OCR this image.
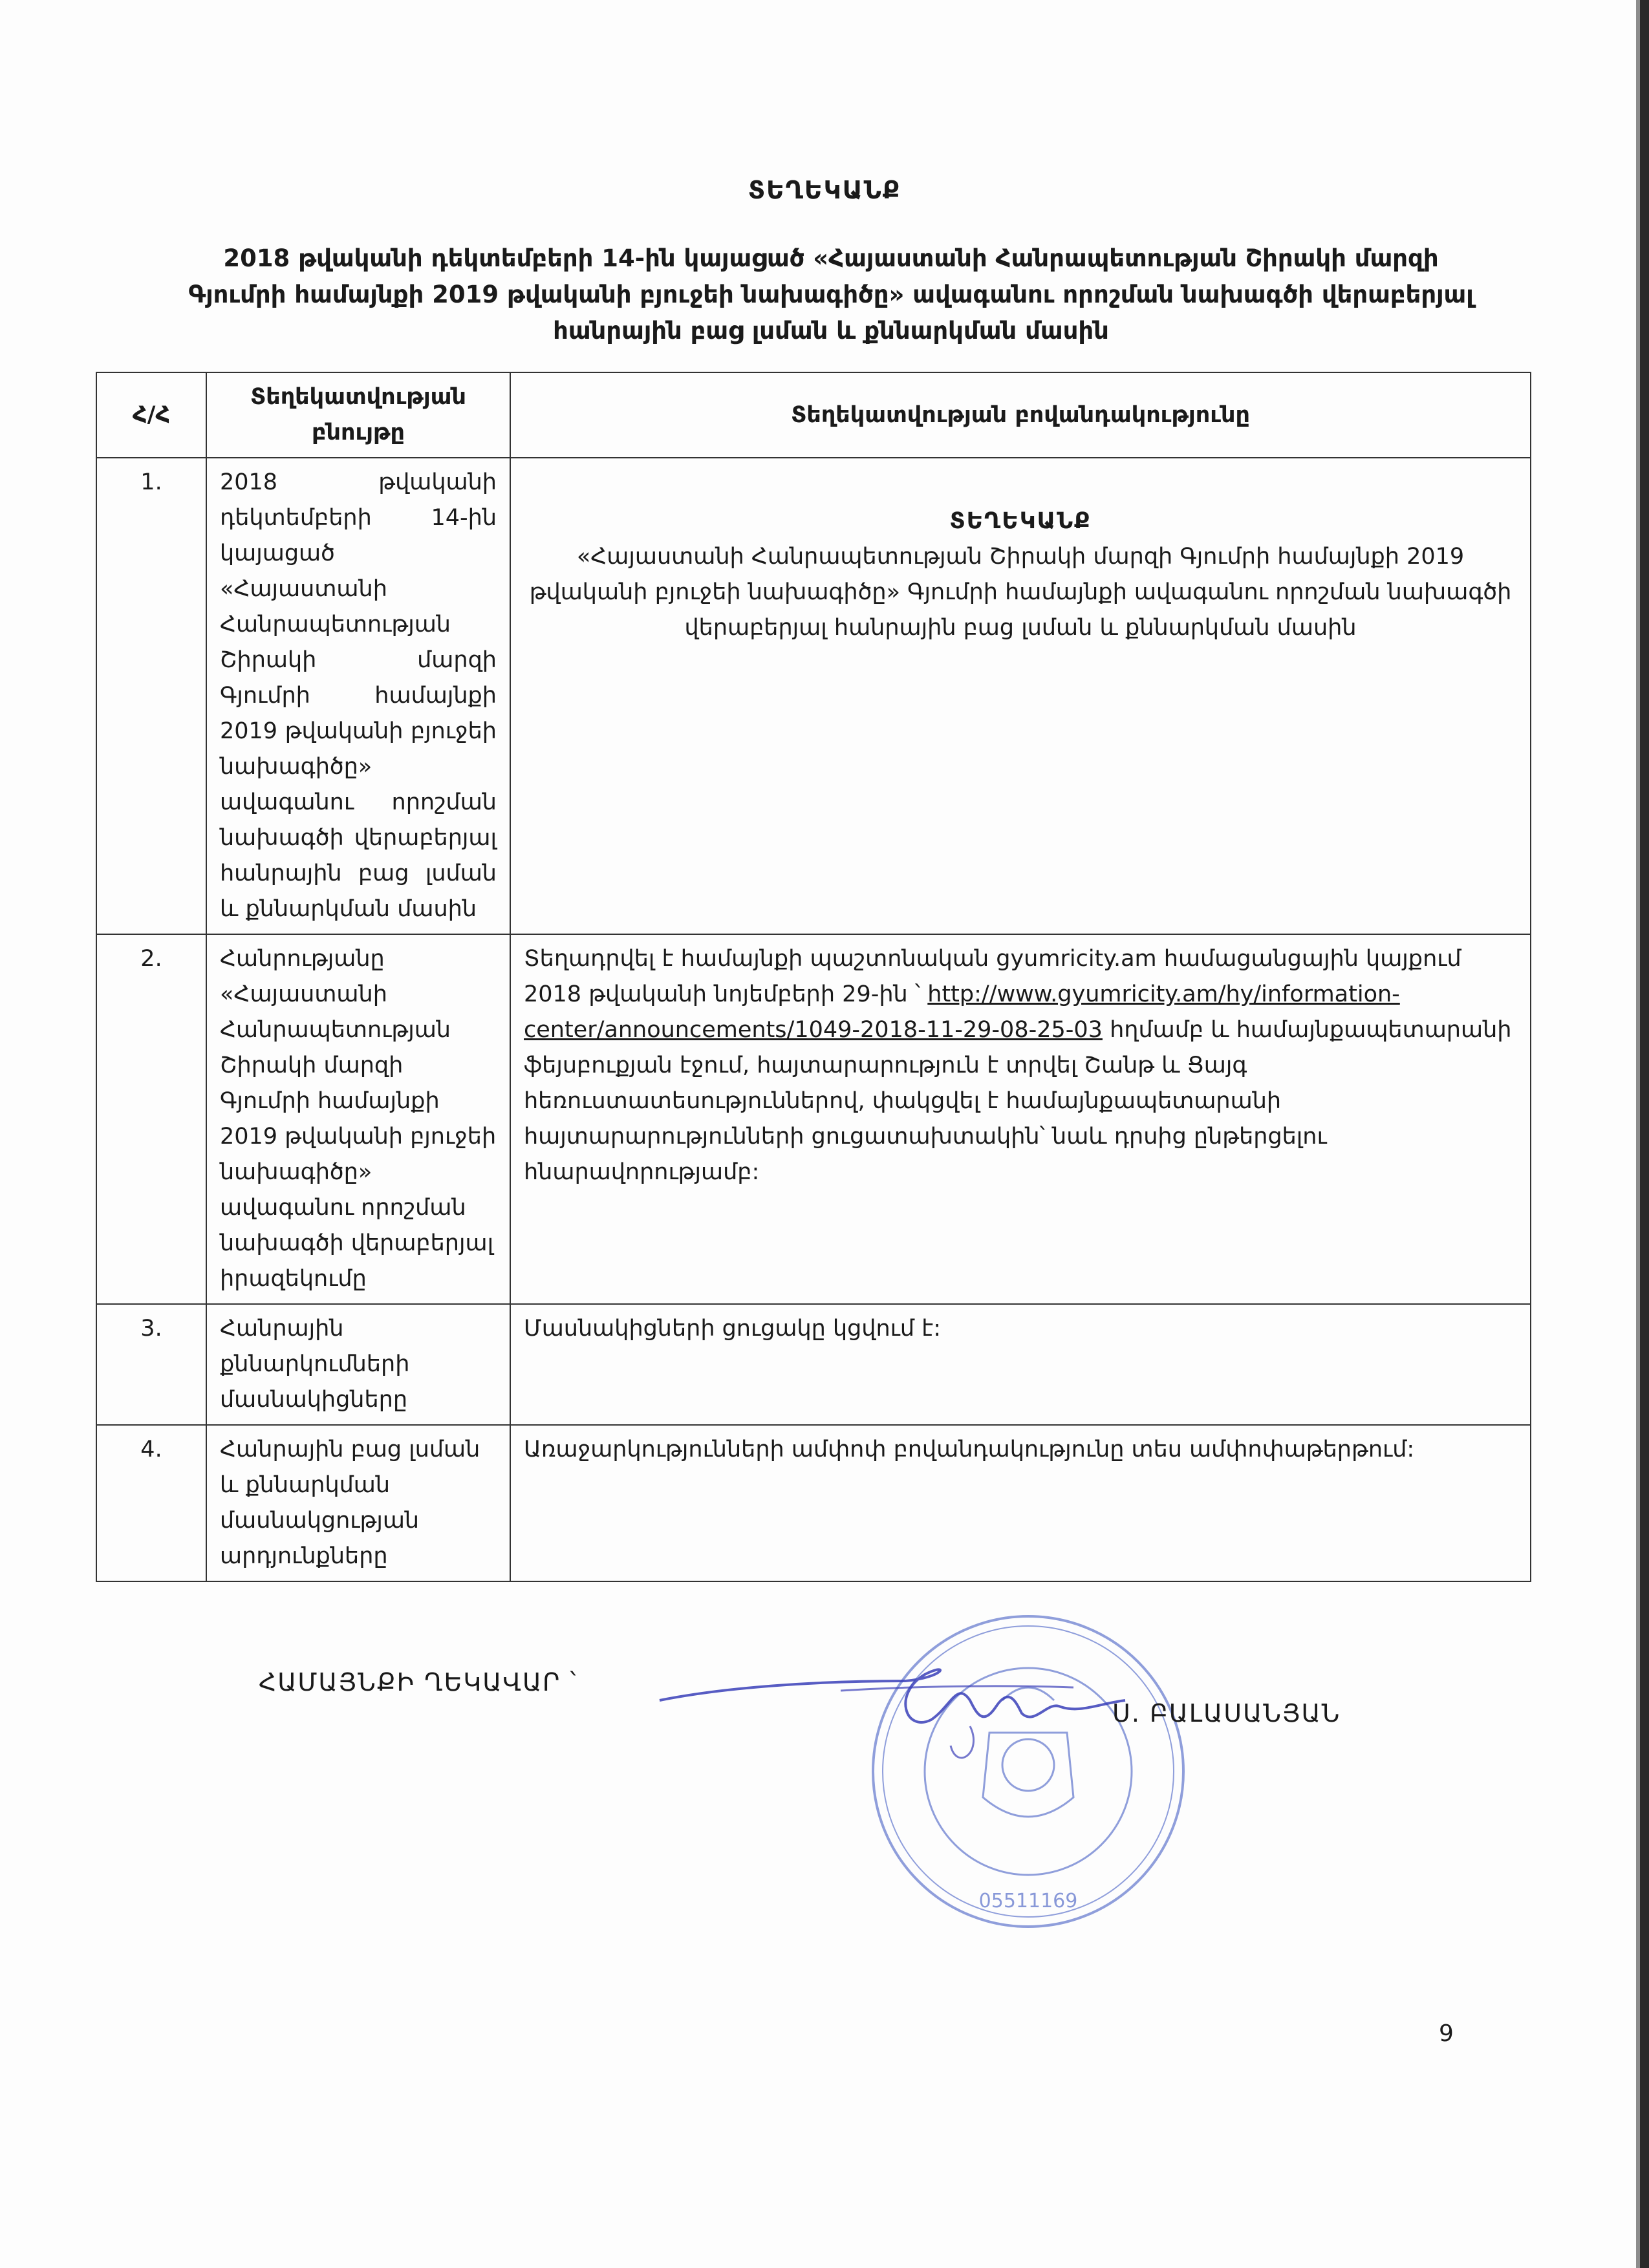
ՏԵՂԵԿԱՆՔ
2018 թվականի դեկտեմբերի 14-ին կայացած «Հայաստանի Հանրապետության Շիրակի մարզի
Գյումրի համայնքի 2019 թվականի բյուջեի նախագիծը» ավագանու որոշման նախագծի վերաբերյալ
հանրային բաց լսման և քննարկման մասին
Հ/Հ	Տեղեկատվության բնույթը	Տեղեկատվության բովանդակությունը
1.	2018 թվականի դեկտեմբերի 14-ին կայացած «Հայաստանի Հանրապետության Շիրակի մարզի Գյումրի համայնքի 2019 թվականի բյուջեի նախագիծը» ավագանու որոշման նախագծի վերաբերյալ հանրային բաց լսման և քննարկման մասին	ՏԵՂԵԿԱՆՔ
«Հայաստանի Հանրապետության Շիրակի մարզի Գյումրի համայնքի 2019 թվականի բյուջեի նախագիծը» Գյումրի համայնքի ավագանու որոշման նախագծի վերաբերյալ հանրային բաց լսման և քննարկման մասին

2.	Հանրությանը «Հայաստանի Հանրապետության Շիրակի մարզի Գյումրի համայնքի 2019 թվականի բյուջեի նախագիծը» ավագանու որոշման նախագծի վերաբերյալ իրազեկումը	Տեղադրվել է համայնքի պաշտոնական gyumricity.am համացանցային կայքում 2018 թվականի նոյեմբերի 29-ին ՝ http://www.gyumricity.am/hy/information-center/announcements/1049-2018-11-29-08-25-03 հղմամբ և համայնքապետարանի ֆեյսբուքյան էջում, հայտարարություն է տրվել Շանթ և Ցայգ հեռուստատեսություններով, փակցվել է համայնքապետարանի հայտարարությունների ցուցատախտակին՝ նաև դրսից ընթերցելու հնարավորությամբ:
3.	Հանրային քննարկումների մասնակիցները	Մասնակիցների ցուցակը կցվում է:
4.	Հանրային բաց լսման և քննարկման մասնակցության արդյունքները	Առաջարկությունների ամփոփ բովանդակությունը տես ամփոփաթերթում:
ՀԱՄԱՅՆՔԻ ՂԵԿԱՎԱՐ ՝
05511169
Ս. ԲԱԼԱՍԱՆՅԱՆ
9
